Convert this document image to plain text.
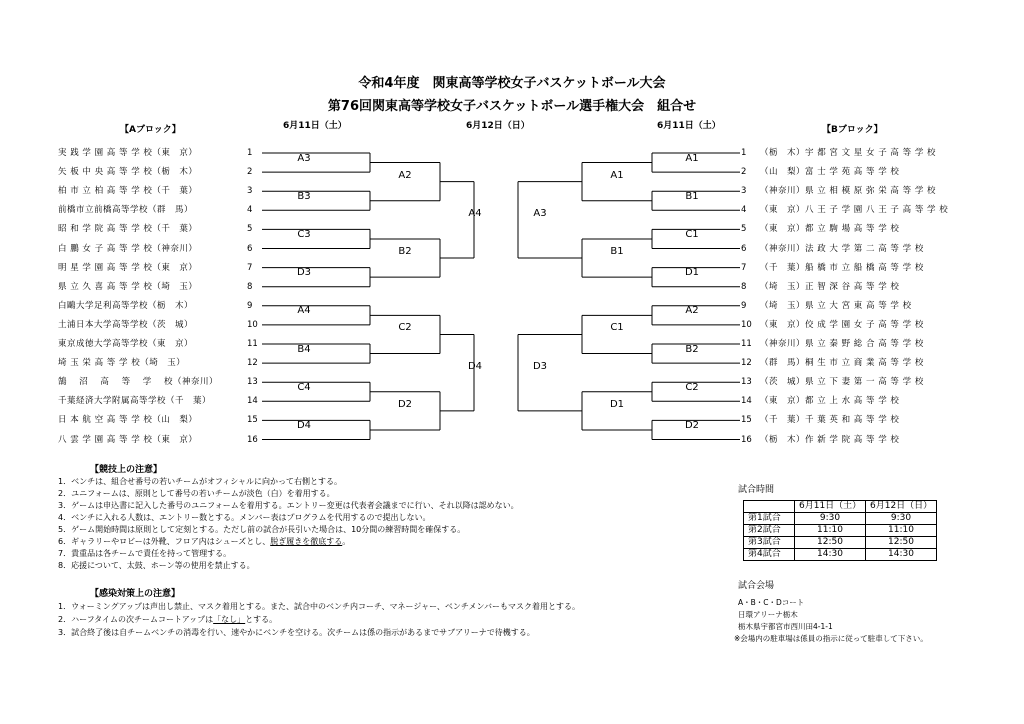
令和4年度　関東高等学校女子バスケットボール大会
第76回関東高等学校女子バスケットボール選手権大会　組合せ
【Aブロック】	【Bブロック】
6月11日（土）	6月12日（日）	6月11日（土）
実 践 学 園 高 等 学 校（東　京）	1
矢 板 中 央 高 等 学 校（栃　木）	2
柏 市 立 柏 高 等 学 校（千　葉）	3
前橋市立前橋高等学校（群　馬）	4
昭 和 学 院 高 等 学 校（千　葉）	5
白 鵬 女 子 高 等 学 校（神奈川）	6
明 星 学 園 高 等 学 校（東　京）	7
県 立 久 喜 高 等 学 校（埼　玉）	8
白鷗大学足利高等学校（栃　木）	9
土浦日本大学高等学校（茨　城）	10
東京成徳大学高等学校（東　京）	11
埼 玉 栄 高 等 学 校（埼　玉）	12
鵠 　沼 　高 　等 　学 　校（神奈川）	13
千葉経済大学附属高等学校（千　葉）	14
日 本 航 空 高 等 学 校（山　梨）	15
八 雲 学 園 高 等 学 校（東　京）	16
1	（栃　木）宇 都 宮 文 星 女 子 高 等 学 校
2	（山　梨）富 士 学 苑 高 等 学 校
3	（神奈川）県 立 相 模 原 弥 栄 高 等 学 校
4	（東　京）八 王 子 学 園 八 王 子 高 等 学 校
5	（東　京）都 立 駒 場 高 等 学 校
6	（神奈川）法 政 大 学 第 二 高 等 学 校
7	（千　葉）船 橋 市 立 船 橋 高 等 学 校
8	（埼　玉）正 智 深 谷 高 等 学 校
9	（埼　玉）県 立 大 宮 東 高 等 学 校
10 （東　京）佼 成 学 園 女 子 高 等 学 校
11 （神奈川）県 立 秦 野 総 合 高 等 学 校
12 （群　馬）桐 生 市 立 商 業 高 等 学 校
13 （茨　城）県 立 下 妻 第 一 高 等 学 校
14 （東　京）都 立 上 水 高 等 学 校
15 （千　葉）千 葉 英 和 高 等 学 校
16 （栃　木）作 新 学 院 高 等 学 校
A3
B3
C3
D3
A4
B4
C4
D4
A2
B2
C2
D2
A4
D4
A1
B1
C1
D1
A2
B2
C2
D2
A1
B1
C1
D1
A3
D3
【競技上の注意】
1．ベンチは、組合せ番号の若いチームがオフィシャルに向かって右側とする。
2．ユニフォームは、原則として番号の若いチームが淡色（白）を着用する。
3．ゲームは申込書に記入した番号のユニフォームを着用する。エントリー変更は代表者会議までに行い、それ以降は認めない。
4．ベンチに入れる人数は、エントリー数とする。メンバー表はプログラムを代用するので提出しない。
5．ゲーム開始時間は原則として定刻とする。ただし前の試合が長引いた場合は、10分間の練習時間を確保する。
6．ギャラリーやロビーは外靴、フロア内はシューズとし、脱ぎ履きを徹底する。
7．貴重品は各チームで責任を持って管理する。
8．応援について、太鼓、ホーン等の使用を禁止する。
【感染対策上の注意】
1．ウォーミングアップは声出し禁止、マスク着用とする。また、試合中のベンチ内コーチ、マネージャー、ベンチメンバーもマスク着用とする。
2．ハーフタイムの次チームコートアップは「なし」とする。
3．試合終了後は自チームベンチの消毒を行い、速やかにベンチを空ける。次チームは係の指示があるまでサブアリーナで待機する。
試合時間
	6月11日（土）	6月12日（日）
第1試合	9:30	9:30
第2試合	11:10	11:10
第3試合	12:50	12:50
第4試合	14:30	14:30
試合会場
A・B・C・Dコート
日環アリーナ栃木
栃木県宇都宮市西川田4-1-1
※会場内の駐車場は係員の指示に従って駐車して下さい。
